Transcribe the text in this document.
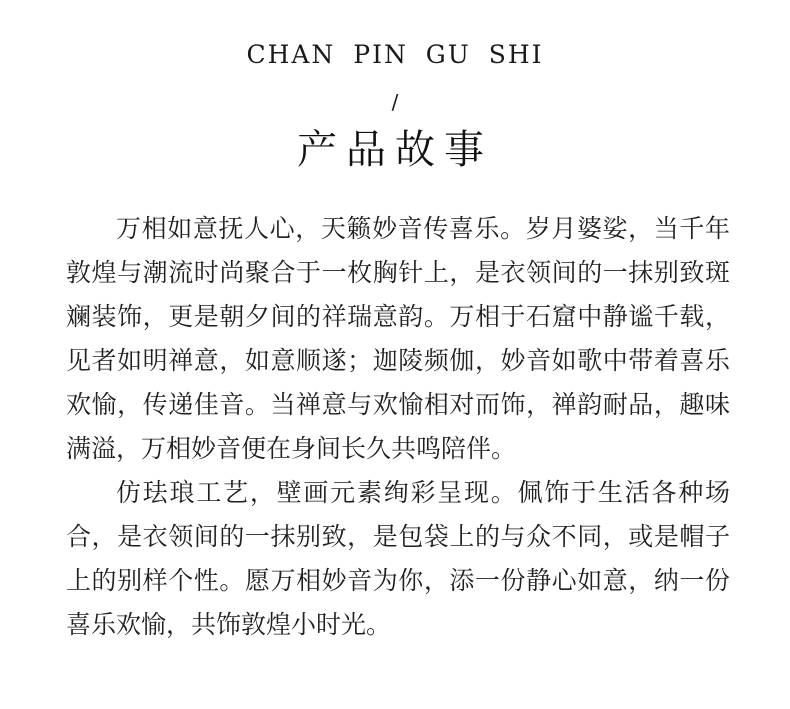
CHAN PIN GU SHI
/
产品故事

万相如意抚人心，天籁妙音传喜乐。岁月婆娑，当千年敦煌与潮流时尚聚合于一枚胸针上，是衣领间的一抹别致斑斓装饰，更是朝夕间的祥瑞意韵。万相于石窟中静谧千载，见者如明禅意，如意顺遂；迦陵频伽，妙音如歌中带着喜乐欢愉，传递佳音。当禅意与欢愉相对而饰，禅韵耐品，趣味满溢，万相妙音便在身间长久共鸣陪伴。

仿珐琅工艺，壁画元素绚彩呈现。佩饰于生活各种场合，是衣领间的一抹别致，是包袋上的与众不同，或是帽子上的别样个性。愿万相妙音为你，添一份静心如意，纳一份喜乐欢愉，共饰敦煌小时光。
